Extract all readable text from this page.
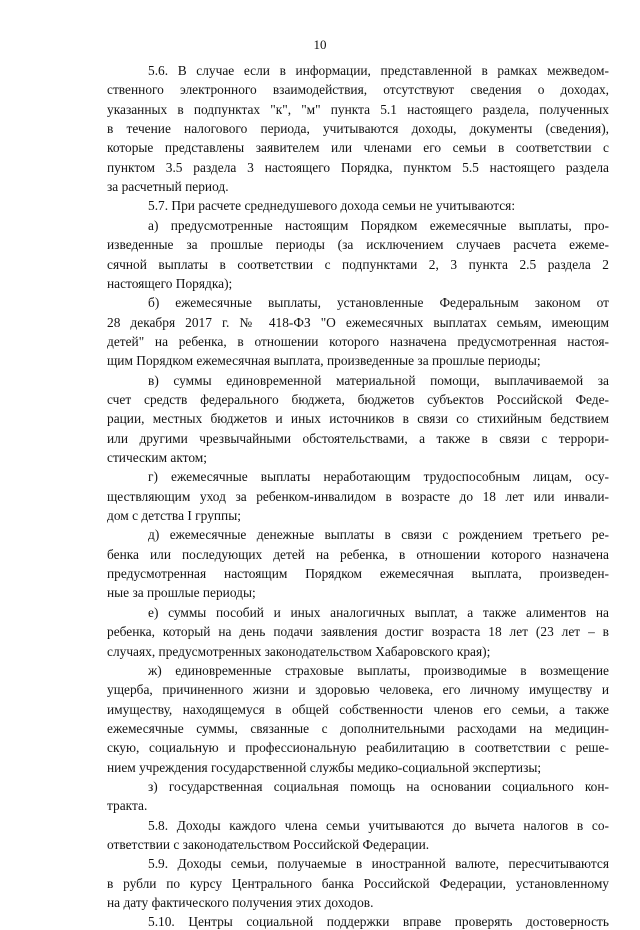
10
5.6. В случае если в информации, представленной в рамках межведом-
ственного электронного взаимодействия, отсутствуют сведения о доходах,
указанных в подпунктах "к", "м" пункта 5.1 настоящего раздела, полученных
в течение налогового периода, учитываются доходы, документы (сведения),
которые представлены заявителем или членами его семьи в соответствии с
пунктом 3.5 раздела 3 настоящего Порядка, пунктом 5.5 настоящего раздела
за расчетный период.
5.7. При расчете среднедушевого дохода семьи не учитываются:
а) предусмотренные настоящим Порядком ежемесячные выплаты, про-
изведенные за прошлые периоды (за исключением случаев расчета ежеме-
сячной выплаты в соответствии с подпунктами 2, 3 пункта 2.5 раздела 2
настоящего Порядка);
б) ежемесячные выплаты, установленные Федеральным законом от
28 декабря 2017 г. № 418-ФЗ "О ежемесячных выплатах семьям, имеющим
детей" на ребенка, в отношении которого назначена предусмотренная настоя-
щим Порядком ежемесячная выплата, произведенные за прошлые периоды;
в) суммы единовременной материальной помощи, выплачиваемой за
счет средств федерального бюджета, бюджетов субъектов Российской Феде-
рации, местных бюджетов и иных источников в связи со стихийным бедствием
или другими чрезвычайными обстоятельствами, а также в связи с террори-
стическим актом;
г) ежемесячные выплаты неработающим трудоспособным лицам, осу-
ществляющим уход за ребенком-инвалидом в возрасте до 18 лет или инвали-
дом с детства I группы;
д) ежемесячные денежные выплаты в связи с рождением третьего ре-
бенка или последующих детей на ребенка, в отношении которого назначена
предусмотренная настоящим Порядком ежемесячная выплата, произведен-
ные за прошлые периоды;
е) суммы пособий и иных аналогичных выплат, а также алиментов на
ребенка, который на день подачи заявления достиг возраста 18 лет (23 лет – в
случаях, предусмотренных законодательством Хабаровского края);
ж) единовременные страховые выплаты, производимые в возмещение
ущерба, причиненного жизни и здоровью человека, его личному имуществу и
имуществу, находящемуся в общей собственности членов его семьи, а также
ежемесячные суммы, связанные с дополнительными расходами на медицин-
скую, социальную и профессиональную реабилитацию в соответствии с реше-
нием учреждения государственной службы медико-социальной экспертизы;
з) государственная социальная помощь на основании социального кон-
тракта.
5.8. Доходы каждого члена семьи учитываются до вычета налогов в со-
ответствии с законодательством Российской Федерации.
5.9. Доходы семьи, получаемые в иностранной валюте, пересчитываются
в рубли по курсу Центрального банка Российской Федерации, установленному
на дату фактического получения этих доходов.
5.10. Центры социальной поддержки вправе проверять достоверность
